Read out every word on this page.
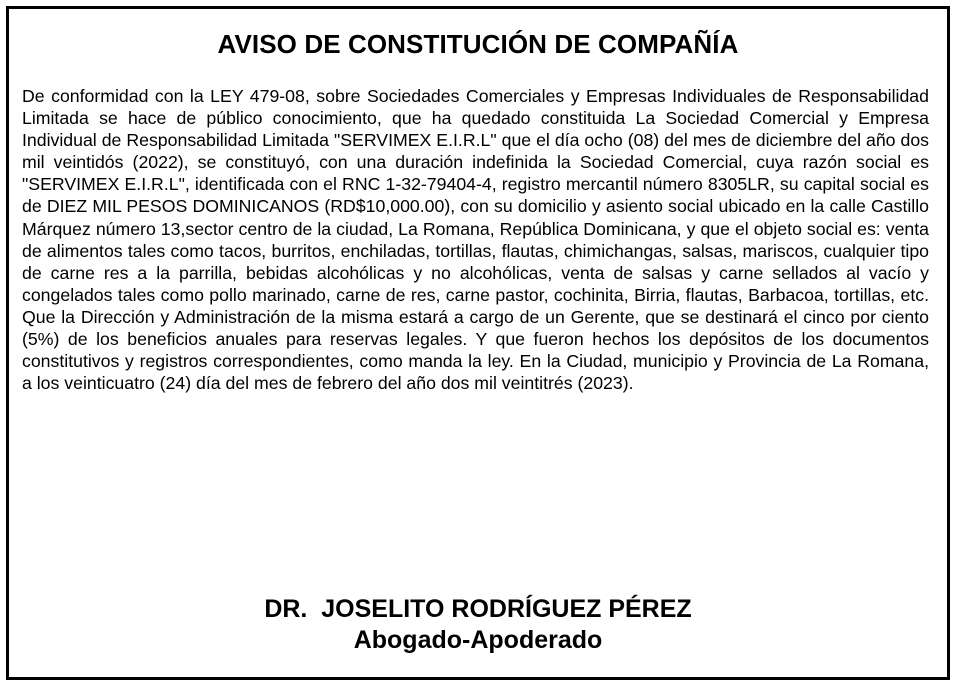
AVISO DE CONSTITUCIÓN DE COMPAÑÍA

De conformidad con la LEY 479-08, sobre Sociedades Comerciales y Empresas Individuales de Responsabilidad Limitada se hace de público conocimiento, que ha quedado constituida La Sociedad Comercial y Empresa Individual de Responsabilidad Limitada "SERVIMEX E.I.R.L" que el día ocho (08) del mes de diciembre del año dos mil veintidós (2022), se constituyó, con una duración indefinida la Sociedad Comercial, cuya razón social es "SERVIMEX E.I.R.L", identificada con el RNC 1-32-79404-4, registro mercantil número 8305LR, su capital social es de DIEZ MIL PESOS DOMINICANOS (RD$10,000.00), con su domicilio y asiento social ubicado en la calle Castillo Márquez número 13,sector centro de la ciudad, La Romana, República Dominicana, y que el objeto social es: venta de alimentos tales como tacos, burritos, enchiladas, tortillas, flautas, chimichangas, salsas, mariscos, cualquier tipo de carne res a la parrilla, bebidas alcohólicas y no alcohólicas, venta de salsas y carne sellados al vacío y congelados tales como pollo marinado, carne de res, carne pastor, cochinita, Birria, flautas, Barbacoa, tortillas, etc. Que la Dirección y Administración de la misma estará a cargo de un Gerente, que se destinará el cinco por ciento (5%) de los beneficios anuales para reservas legales. Y que fueron hechos los depósitos de los documentos constitutivos y registros correspondientes, como manda la ley. En la Ciudad, municipio y Provincia de La Romana, a los veinticuatro (24) día del mes de febrero del año dos mil veintitrés (2023).

DR.  JOSELITO RODRÍGUEZ PÉREZ
Abogado-Apoderado
